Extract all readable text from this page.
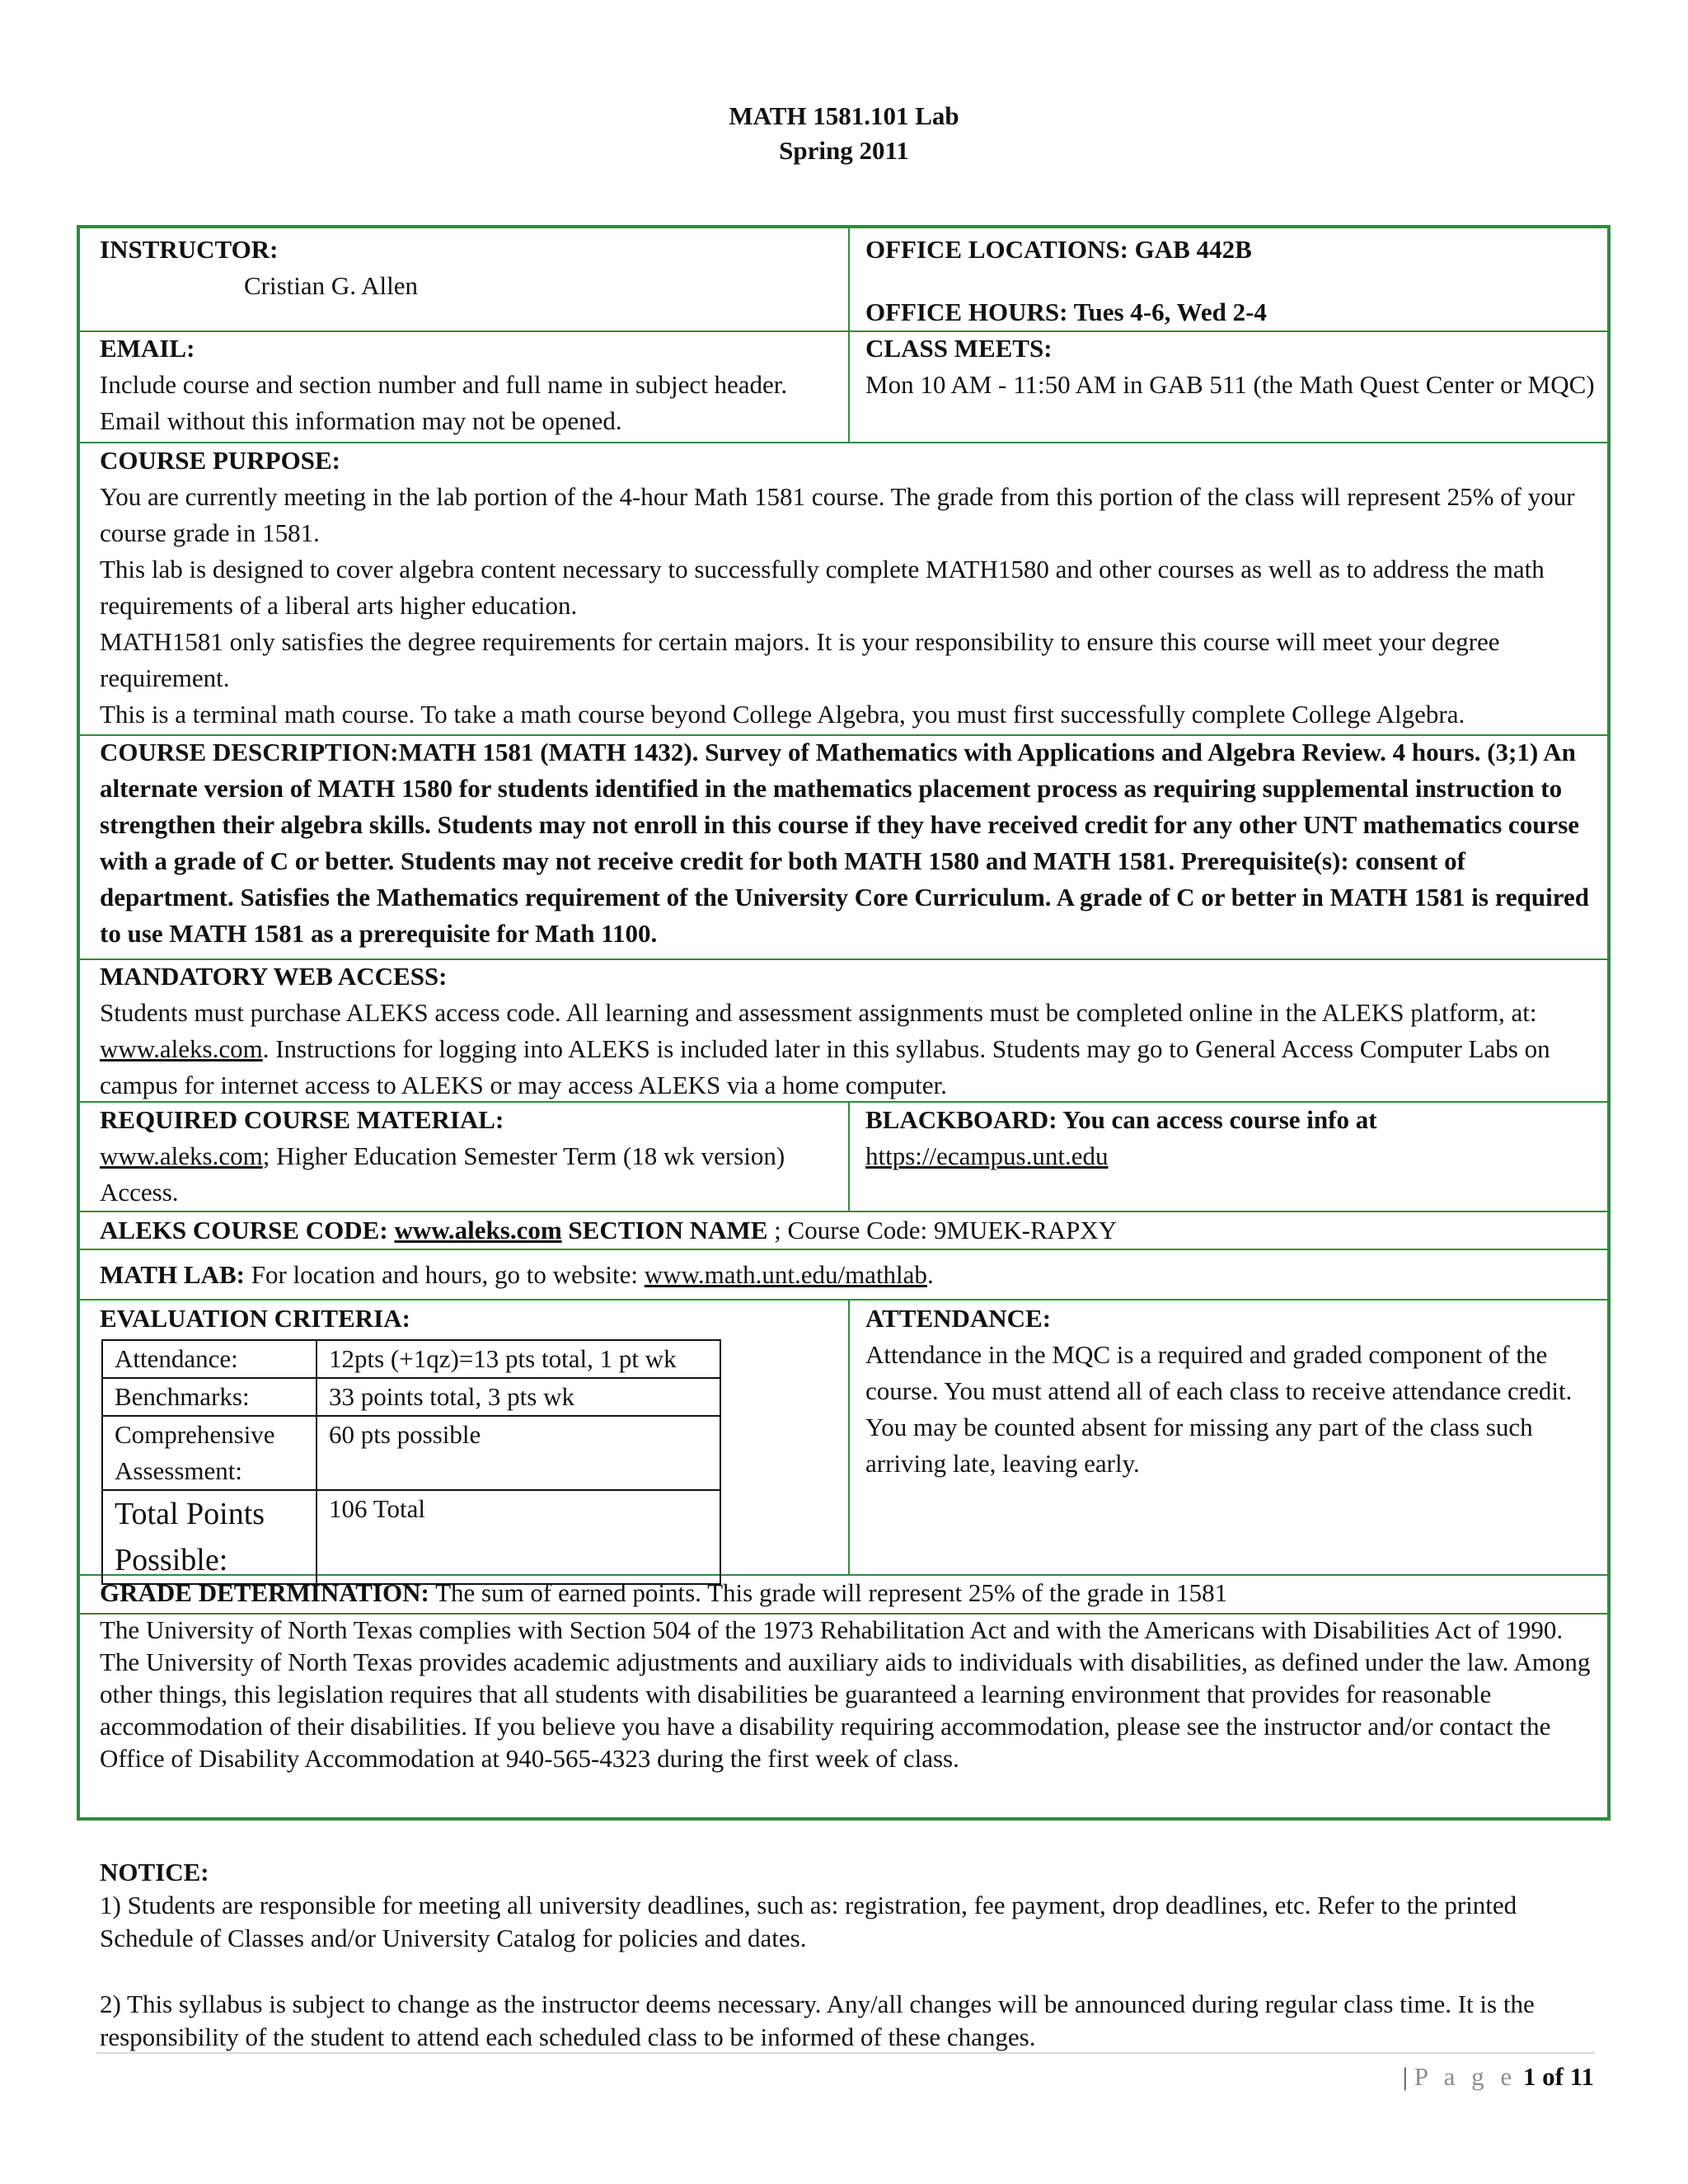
MATH 1581.101 Lab
Spring 2011
INSTRUCTOR:
Cristian G. Allen
OFFICE LOCATIONS: GAB 442B
OFFICE HOURS: Tues 4-6, Wed 2-4
EMAIL:
Include course and section number and full name in subject header. Email without this information may not be opened.
CLASS MEETS:
Mon 10 AM - 11:50 AM in GAB 511 (the Math Quest Center or MQC)
COURSE PURPOSE:

You are currently meeting in the lab portion of the 4-hour Math 1581 course. The grade from this portion of the class will represent 25% of your course grade in 1581.

This lab is designed to cover algebra content necessary to successfully complete MATH1580 and other courses as well as to address the math requirements of a liberal arts higher education.

MATH1581 only satisfies the degree requirements for certain majors. It is your responsibility to ensure this course will meet your degree requirement.

This is a terminal math course. To take a math course beyond College Algebra, you must first successfully complete College Algebra.

COURSE DESCRIPTION:MATH 1581 (MATH 1432). Survey of Mathematics with Applications and Algebra Review. 4 hours. (3;1) An alternate version of MATH 1580 for students identified in the mathematics placement process as requiring supplemental instruction to strengthen their algebra skills. Students may not enroll in this course if they have received credit for any other UNT mathematics course with a grade of C or better. Students may not receive credit for both MATH 1580 and MATH 1581. Prerequisite(s): consent of department. Satisfies the Mathematics requirement of the University Core Curriculum. A grade of C or better in MATH 1581 is required to use MATH 1581 as a prerequisite for Math 1100.

MANDATORY WEB ACCESS:

Students must purchase ALEKS access code. All learning and assessment assignments must be completed online in the ALEKS platform, at: www.aleks.com. Instructions for logging into ALEKS is included later in this syllabus. Students may go to General Access Computer Labs on campus for internet access to ALEKS or may access ALEKS via a home computer.

REQUIRED COURSE MATERIAL:

www.aleks.com; Higher Education Semester Term (18 wk version) Access.

BLACKBOARD: You can access course info at
https://ecampus.unt.edu
ALEKS COURSE CODE: www.aleks.com SECTION NAME ; Course Code: 9MUEK-RAPXY
MATH LAB: For location and hours, go to website: www.math.unt.edu/mathlab.
EVALUATION CRITERIA:
Attendance:	12pts (+1qz)=13 pts total, 1 pt wk
Benchmarks:	33 points total, 3 pts wk
Comprehensive Assessment:	60 pts possible
Total Points Possible:	106 Total
ATTENDANCE:

Attendance in the MQC is a required and graded component of the course. You must attend all of each class to receive attendance credit. You may be counted absent for missing any part of the class such arriving late, leaving early.

GRADE DETERMINATION: The sum of earned points. This grade will represent 25% of the grade in 1581

The University of North Texas complies with Section 504 of the 1973 Rehabilitation Act and with the Americans with Disabilities Act of 1990. The University of North Texas provides academic adjustments and auxiliary aids to individuals with disabilities, as defined under the law. Among other things, this legislation requires that all students with disabilities be guaranteed a learning environment that provides for reasonable accommodation of their disabilities. If you believe you have a disability requiring accommodation, please see the instructor and/or contact the Office of Disability Accommodation at 940-565-4323 during the first week of class.

NOTICE:

1) Students are responsible for meeting all university deadlines, such as: registration, fee payment, drop deadlines, etc. Refer to the printed Schedule of Classes and/or University Catalog for policies and dates.

2) This syllabus is subject to change as the instructor deems necessary. Any/all changes will be announced during regular class time. It is the responsibility of the student to attend each scheduled class to be informed of these changes.

| P a g e 1 of 11
